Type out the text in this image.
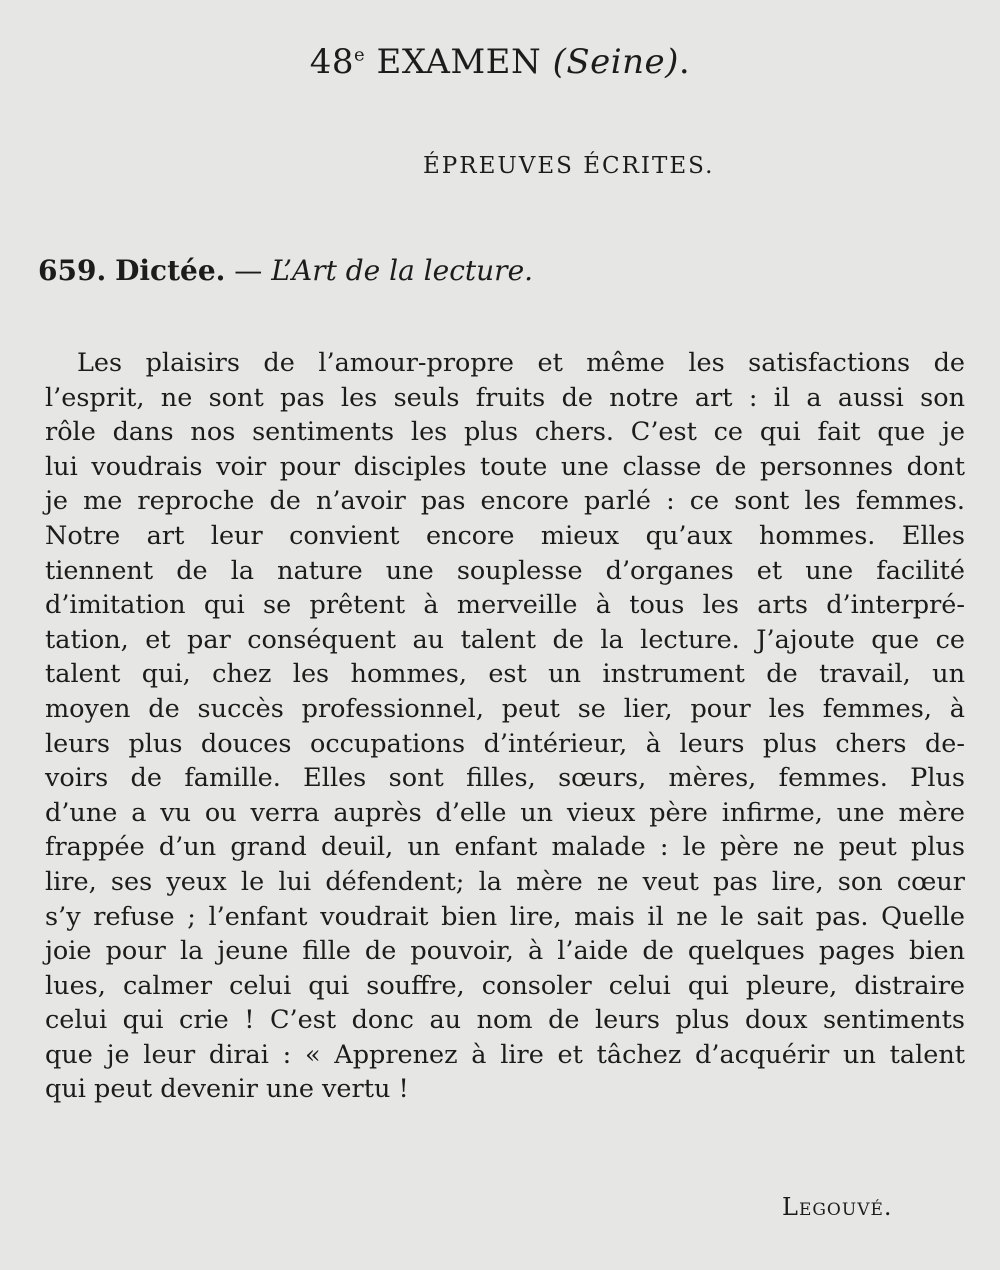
48e EXAMEN (Seine).
ÉPREUVES ÉCRITES.
659. Dictée. — L’Art de la lecture.
Les plaisirs de l’amour-propre et même les satisfactions de
l’esprit, ne sont pas les seuls fruits de notre art : il a aussi son
rôle dans nos sentiments les plus chers. C’est ce qui fait que je
lui voudrais voir pour disciples toute une classe de personnes dont
je me reproche de n’avoir pas encore parlé : ce sont les femmes.
Notre art leur convient encore mieux qu’aux hommes. Elles
tiennent de la nature une souplesse d’organes et une facilité
d’imitation qui se prêtent à merveille à tous les arts d’interpré-
tation, et par conséquent au talent de la lecture. J’ajoute que ce
talent qui, chez les hommes, est un instrument de travail, un
moyen de succès professionnel, peut se lier, pour les femmes, à
leurs plus douces occupations d’intérieur, à leurs plus chers de-
voirs de famille. Elles sont filles, sœurs, mères, femmes. Plus
d’une a vu ou verra auprès d’elle un vieux père infirme, une mère
frappée d’un grand deuil, un enfant malade : le père ne peut plus
lire, ses yeux le lui défendent; la mère ne veut pas lire, son cœur
s’y refuse ; l’enfant voudrait bien lire, mais il ne le sait pas. Quelle
joie pour la jeune fille de pouvoir, à l’aide de quelques pages bien
lues, calmer celui qui souffre, consoler celui qui pleure, distraire
celui qui crie ! C’est donc au nom de leurs plus doux sentiments
que je leur dirai : « Apprenez à lire et tâchez d’acquérir un talent
qui peut devenir une vertu !
Legouvé.
